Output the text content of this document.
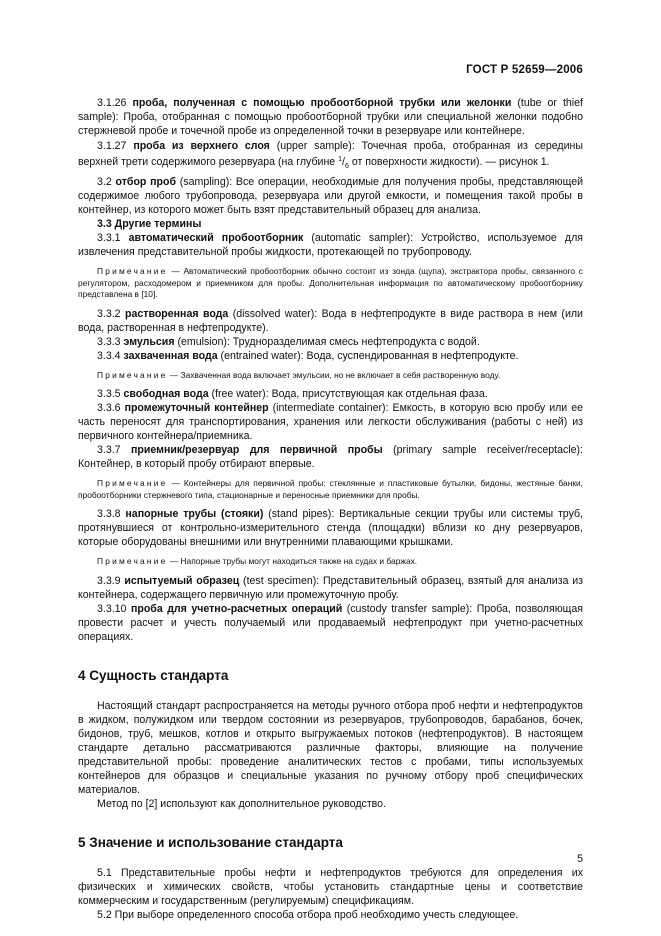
ГОСТ Р 52659—2006

3.1.26 проба, полученная с помощью пробоотборной трубки или желонки (tube or thief sample): Проба, отобранная с помощью пробоотборной трубки или специальной желонки подобно стержневой пробе и точечной пробе из определенной точки в резервуаре или контейнере.

3.1.27 проба из верхнего слоя (upper sample): Точечная проба, отобранная из середины верхней трети содержимого резервуара (на глубине $^1/_6$ от поверхности жидкости). — рисунок 1.

3.2 отбор проб (sampling): Все операции, необходимые для получения пробы, представляющей содержимое любого трубопровода, резервуара или другой емкости, и помещения такой пробы в контейнер, из которого может быть взят представительный образец для анализа.

3.3 Другие термины

3.3.1 автоматический пробоотборник (automatic sampler): Устройство, используемое для извлечения представительной пробы жидкости, протекающей по трубопроводу.

Примечание — Автоматический пробоотборник обычно состоит из зонда (щупа), экстрактора пробы, связанного с регулятором, расходомером и приемником для пробы. Дополнительная информация по автоматическому пробоотборнику представлена в [10].

3.3.2 растворенная вода (dissolved water): Вода в нефтепродукте в виде раствора в нем (или вода, растворенная в нефтепродукте).

3.3.3 эмульсия (emulsion): Трудноразделимая смесь нефтепродукта с водой.

3.3.4 захваченная вода (entrained water): Вода, суспендированная в нефтепродукте.

Примечание — Захваченная вода включает эмульсии, но не включает в себя растворенную воду.

3.3.5 свободная вода (free water): Вода, присутствующая как отдельная фаза.

3.3.6 промежуточный контейнер (intermediate container): Емкость, в которую всю пробу или ее часть переносят для транспортирования, хранения или легкости обслуживания (работы с ней) из первичного контейнера/приемника.

3.3.7 приемник/резервуар для первичной пробы (primary sample receiver/receptacle): Контейнер, в который пробу отбирают впервые.

Примечание — Контейнеры для первичной пробы: стеклянные и пластиковые бутылки, бидоны, жестяные банки, пробоотборники стержневого типа, стационарные и переносные приемники для пробы.

3.3.8 напорные трубы (стояки) (stand pipes): Вертикальные секции трубы или системы труб, протянувшиеся от контрольно-измерительного стенда (площадки) вблизи ко дну резервуаров, которые оборудованы внешними или внутренними плавающими крышками.

Примечание — Напорные трубы могут находиться также на судах и баржах.

3.3.9 испытуемый образец (test specimen): Представительный образец, взятый для анализа из контейнера, содержащего первичную или промежуточную пробу.

3.3.10 проба для учетно-расчетных операций (custody transfer sample): Проба, позволяющая провести расчет и учесть получаемый или продаваемый нефтепродукт при учетно-расчетных операциях.

4 Сущность стандарта

Настоящий стандарт распространяется на методы ручного отбора проб нефти и нефтепродуктов в жидком, полужидком или твердом состоянии из резервуаров, трубопроводов, барабанов, бочек, бидонов, труб, мешков, котлов и открыто выгружаемых потоков (нефтепродуктов). В настоящем стандарте детально рассматриваются различные факторы, влияющие на получение представительной пробы: проведение аналитических тестов с пробами, типы используемых контейнеров для образцов и специальные указания по ручному отбору проб специфических материалов.

Метод по [2] используют как дополнительное руководство.

5 Значение и использование стандарта

5.1 Представительные пробы нефти и нефтепродуктов требуются для определения их физических и химических свойств, чтобы установить стандартные цены и соответствие коммерческим и государственным (регулируемым) спецификациям.

5.2 При выборе определенного способа отбора проб необходимо учесть следующее.

5
